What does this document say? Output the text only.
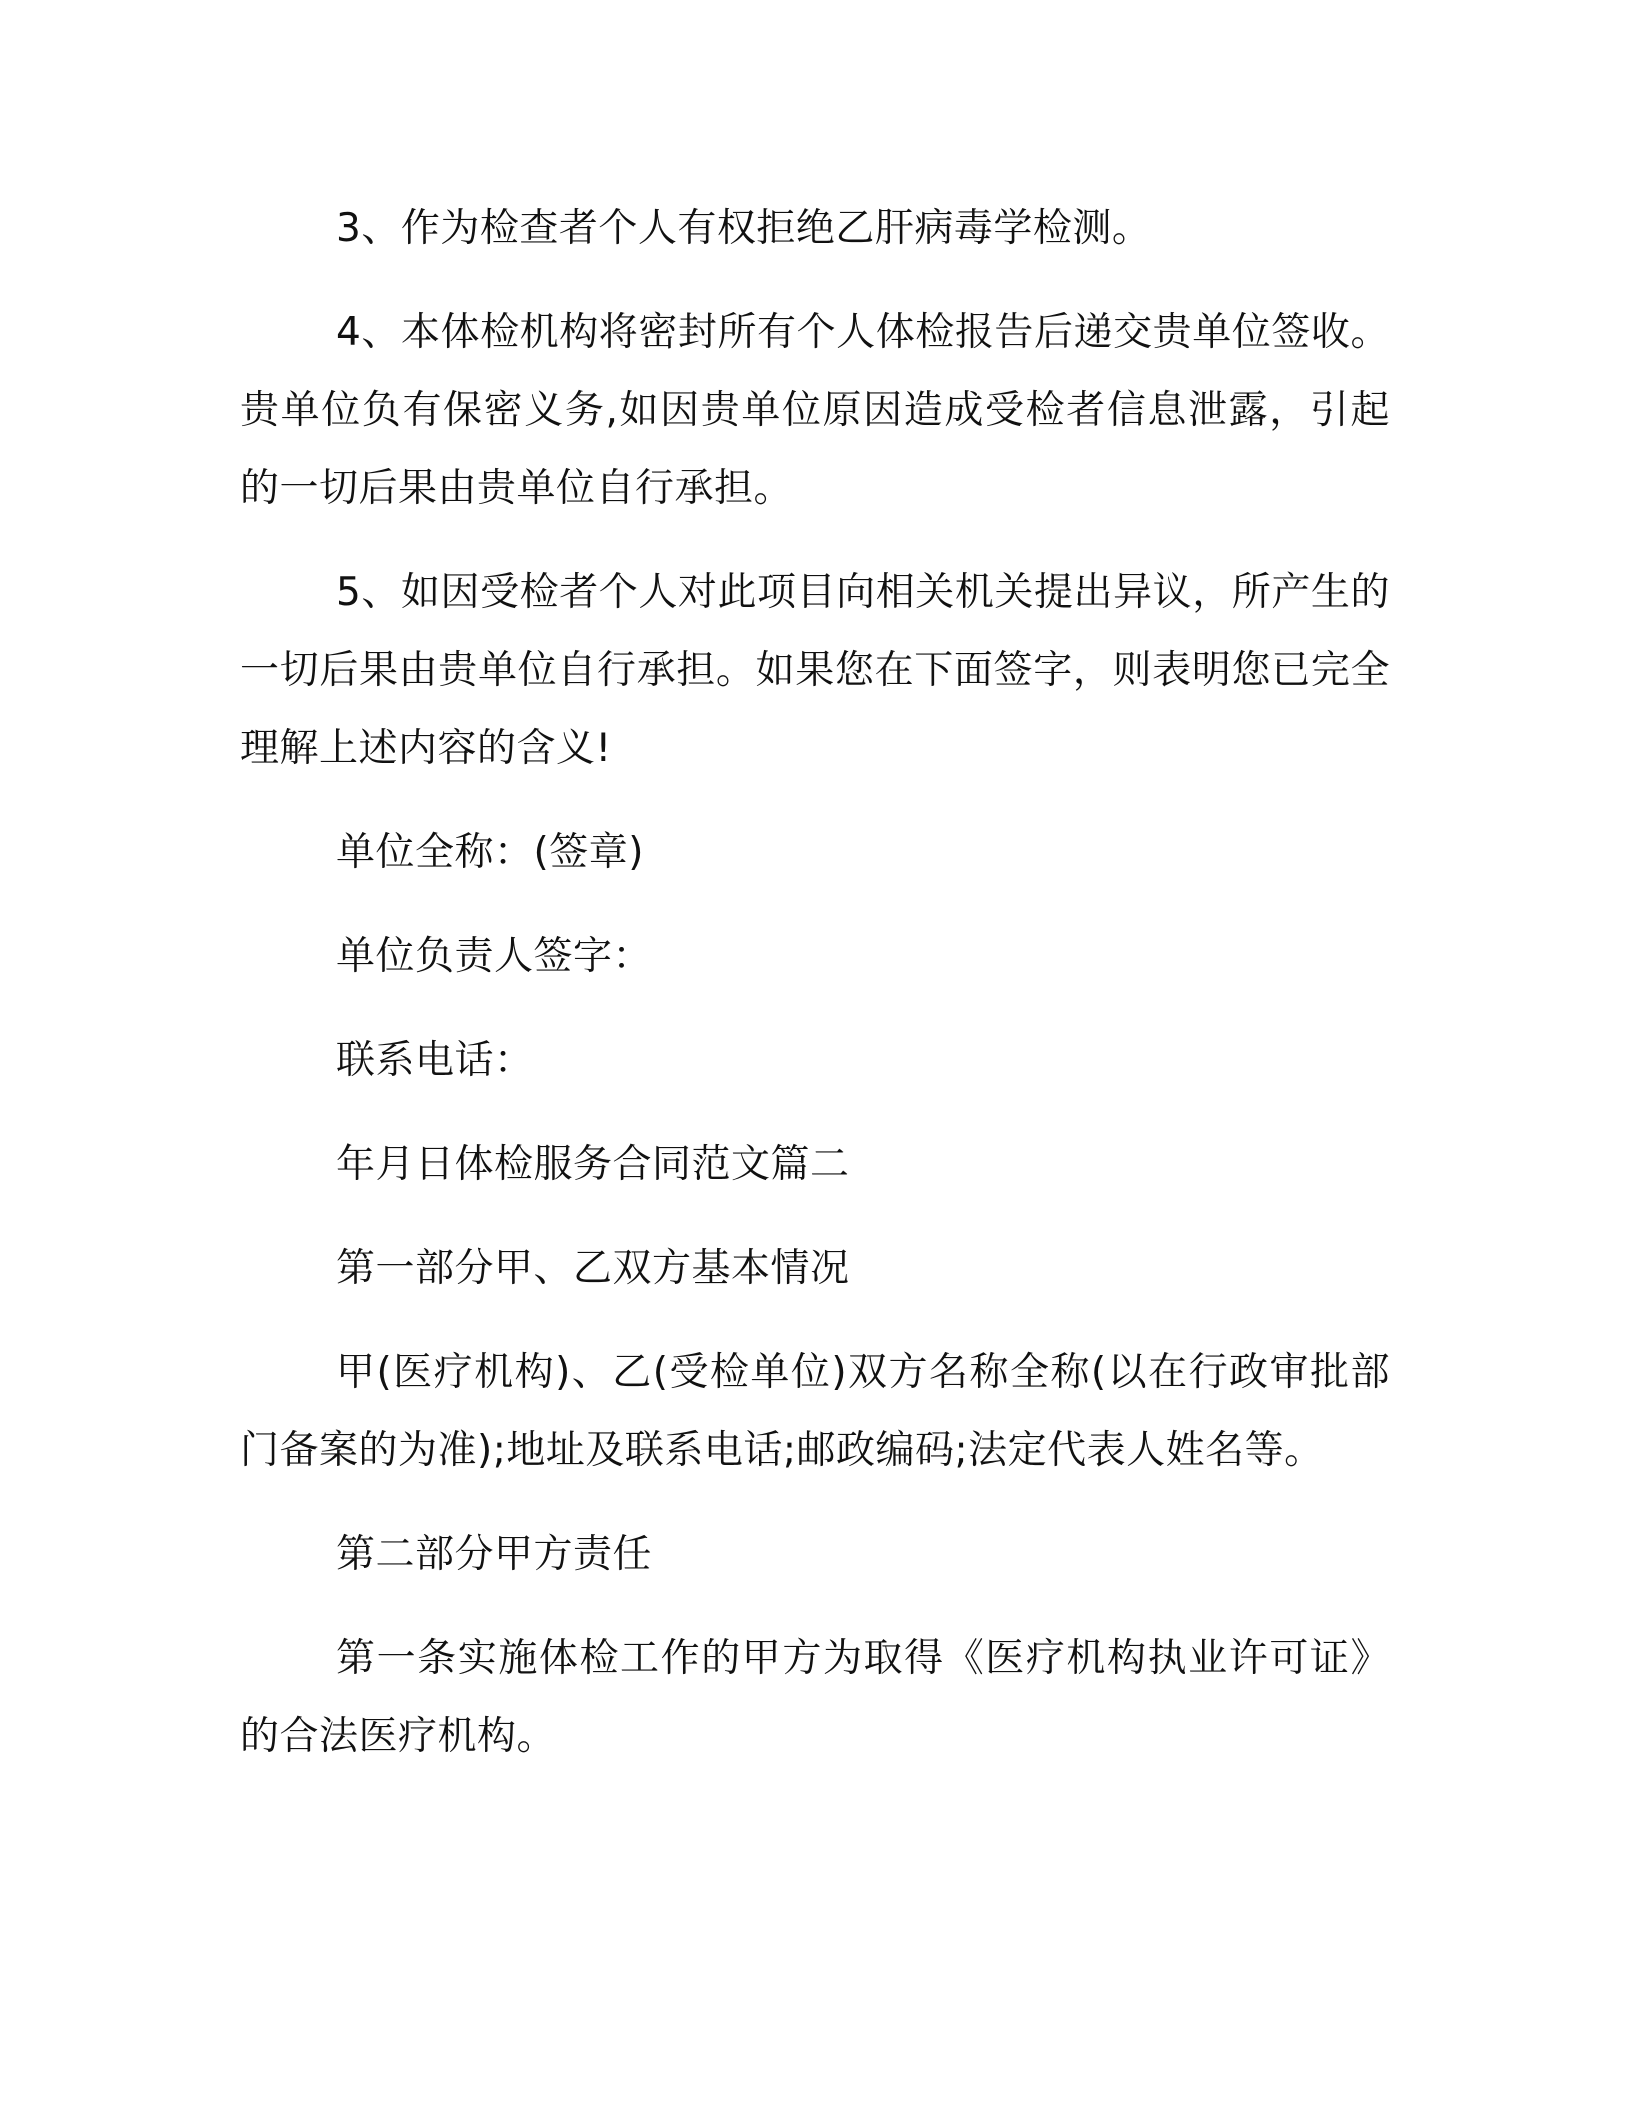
3、作为检查者个人有权拒绝乙肝病毒学检测。

4、本体检机构将密封所有个人体检报告后递交贵单位签收。贵单位负有保密义务,如因贵单位原因造成受检者信息泄露，引起的一切后果由贵单位自行承担。

5、如因受检者个人对此项目向相关机关提出异议，所产生的一切后果由贵单位自行承担。如果您在下面签字，则表明您已完全理解上述内容的含义!

单位全称：(签章)

单位负责人签字：

联系电话：

年月日体检服务合同范文篇二

第一部分甲、乙双方基本情况

甲(医疗机构)、乙(受检单位)双方名称全称(以在行政审批部门备案的为准);地址及联系电话;邮政编码;法定代表人姓名等。

第二部分甲方责任

第一条实施体检工作的甲方为取得《医疗机构执业许可证》的合法医疗机构。
